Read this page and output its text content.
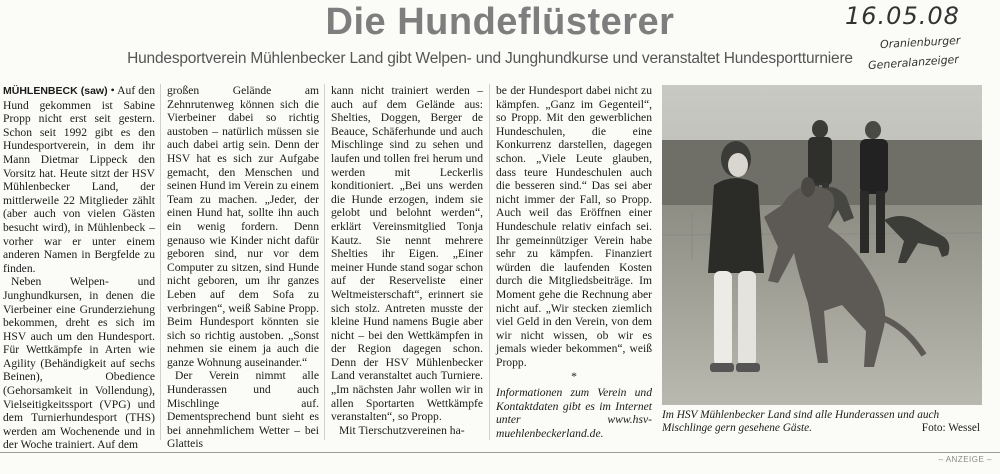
Die Hundeflüsterer	16.05.08
Oranienburger
Generalanzeiger
Hundesportverein Mühlenbecker Land gibt Welpen- und Junghundkurse und veranstaltet Hundesportturniere

MÜHLENBECK (saw) • Auf den Hund gekommen ist Sabine Propp nicht erst seit gestern. Schon seit 1992 gibt es den Hundesportverein, in dem ihr Mann Dietmar Lippeck den Vorsitz hat. Heute sitzt der HSV Mühlenbecker Land, der mittlerweile 22 Mitglieder zählt (aber auch von vielen Gästen besucht wird), in Mühlenbeck – vorher war er unter einem anderen Namen in Bergfelde zu finden.

Neben Welpen- und Junghundkursen, in denen die Vierbeiner eine Grunderziehung bekommen, dreht es sich im HSV auch um den Hundesport. Für Wettkämpfe in Arten wie Agility (Behändigkeit auf sechs Beinen), Obedience (Gehorsamkeit in Vollendung), Vielseitigkeitssport (VPG) und dem Turnierhundesport (THS) werden am Wochenende und in der Woche trainiert. Auf dem

großen Gelände am Zehnrutenweg können sich die Vierbeiner dabei so richtig austoben – natürlich müssen sie auch dabei artig sein. Denn der HSV hat es sich zur Aufgabe gemacht, den Menschen und seinen Hund im Verein zu einem Team zu machen. „Jeder, der einen Hund hat, sollte ihn auch ein wenig fordern. Denn genauso wie Kinder nicht dafür geboren sind, nur vor dem Computer zu sitzen, sind Hunde nicht geboren, um ihr ganzes Leben auf dem Sofa zu verbringen“, weiß Sabine Propp. Beim Hundesport könnten sie sich so richtig austoben. „Sonst nehmen sie einem ja auch die ganze Wohnung auseinander.“

Der Verein nimmt alle Hunderassen und auch Mischlinge auf. Dementsprechend bunt sieht es bei annehmlichem Wetter – bei Glatteis

kann nicht trainiert werden – auch auf dem Gelände aus: Shelties, Doggen, Berger de Beauce, Schäferhunde und auch Mischlinge sind zu sehen und laufen und tollen frei herum und werden mit Leckerlis konditioniert. „Bei uns werden die Hunde erzogen, indem sie gelobt und belohnt werden“, erklärt Vereinsmitglied Tonja Kautz. Sie nennt mehrere Shelties ihr Eigen. „Einer meiner Hunde stand sogar schon auf der Reserveliste einer Weltmeisterschaft“, erinnert sie sich stolz. Antreten musste der kleine Hund namens Bugie aber nicht – bei den Wettkämpfen in der Region dagegen schon. Denn der HSV Mühlenbecker Land veranstaltet auch Turniere. „Im nächsten Jahr wollen wir in allen Sportarten Wettkämpfe veranstalten“, so Propp.

Mit Tierschutzvereinen ha-

be der Hundesport dabei nicht zu kämpfen. „Ganz im Gegenteil“, so Propp. Mit den gewerblichen Hundeschulen, die eine Konkurrenz darstellen, dagegen schon. „Viele Leute glauben, dass teure Hundeschulen auch die besseren sind.“ Das sei aber nicht immer der Fall, so Propp. Auch weil das Eröffnen einer Hundeschule relativ einfach sei. Ihr gemeinnütziger Verein habe sehr zu kämpfen. Finanziert würden die laufenden Kosten durch die Mitgliedsbeiträge. Im Moment gehe die Rechnung aber nicht auf. „Wir stecken ziemlich viel Geld in den Verein, von dem wir nicht wissen, ob wir es jemals wieder bekommen“, weiß Propp.

*
Informationen zum Verein und Kontaktdaten gibt es im Internet unter www.hsv-muehlenbeckerland.de.
Im HSV Mühlenbecker Land sind alle Hunderassen und auch Mischlinge gern gesehene Gäste.	Foto: Wessel
– ANZEIGE –
